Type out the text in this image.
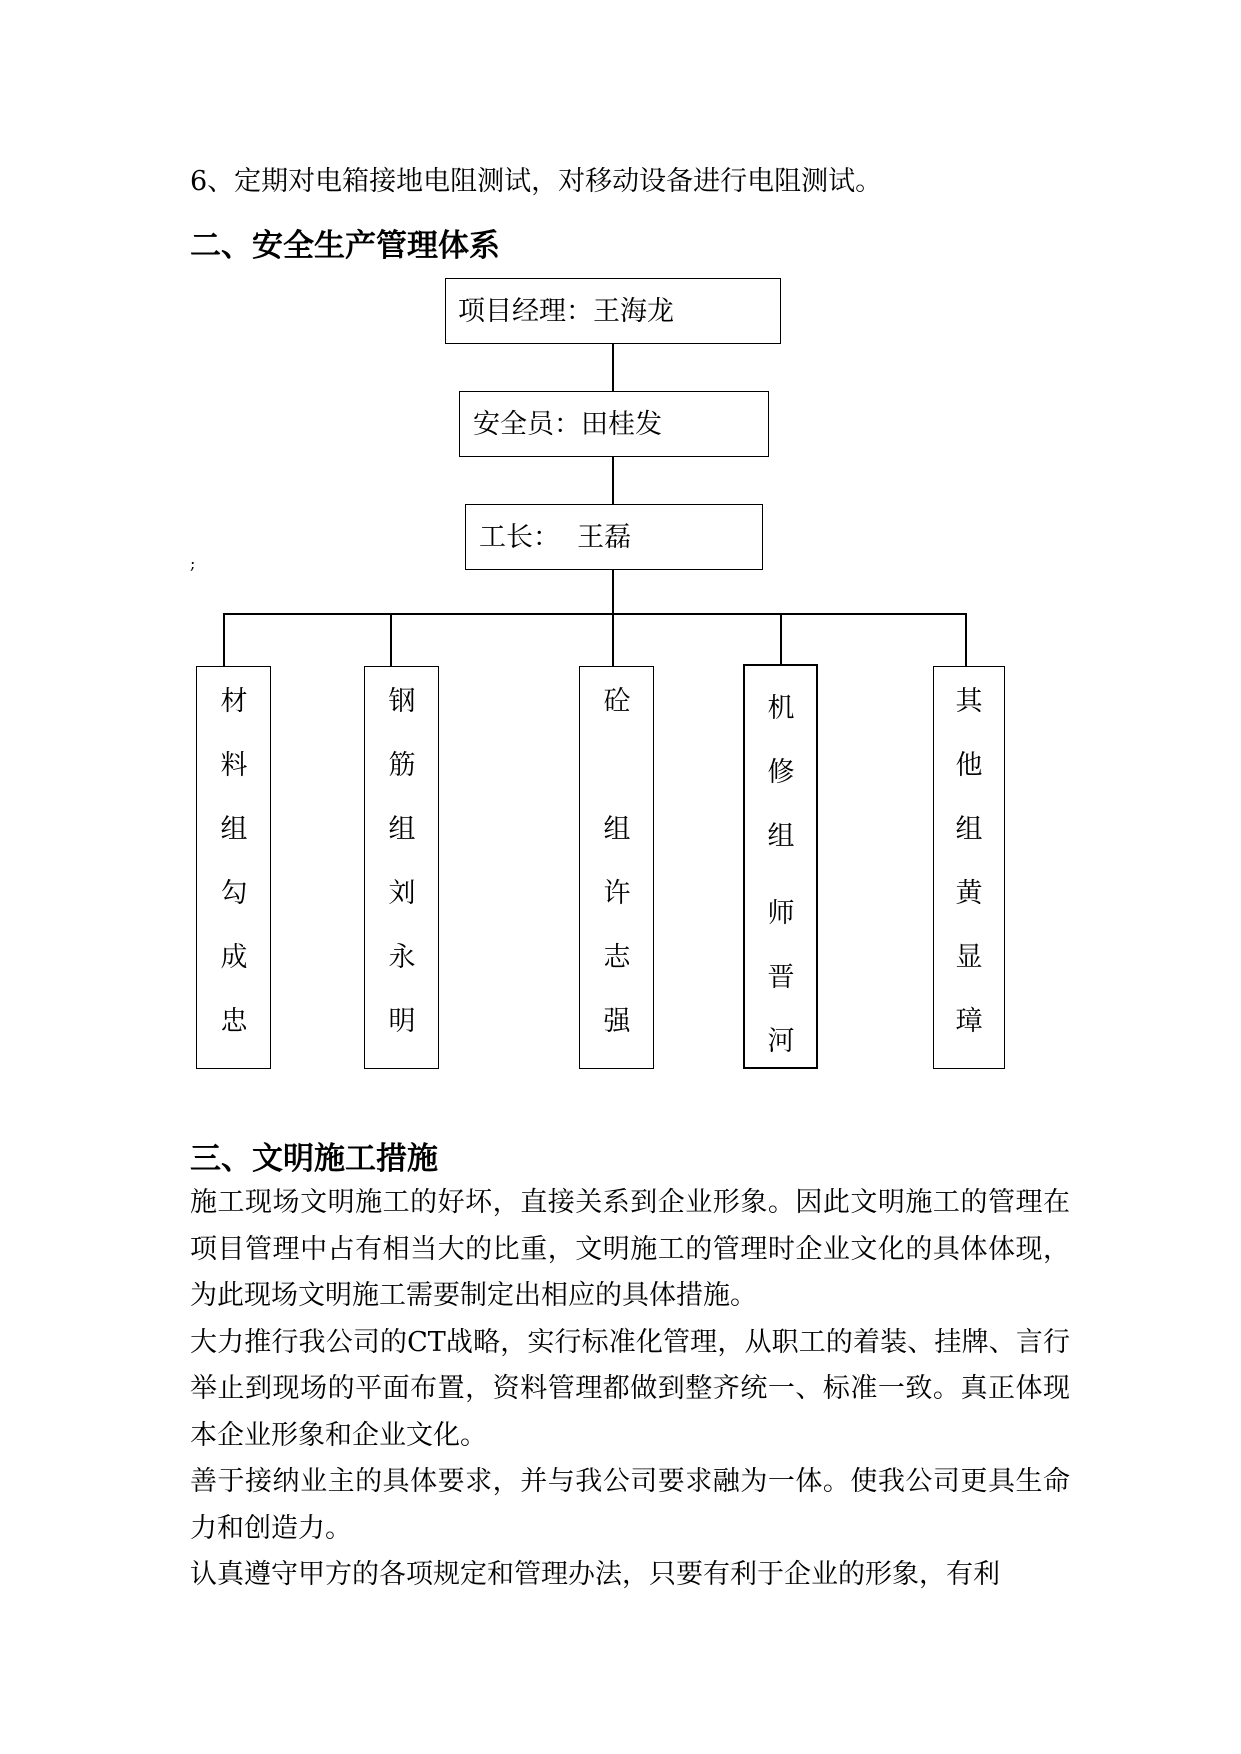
6、定期对电箱接地电阻测试，对移动设备进行电阻测试。
二、安全生产管理体系
项目经理：王海龙
安全员：田桂发
工长：  王磊
;
材
料
组
勾
成
忠
钢
筋
组
刘
永
明
砼
组
许
志
强
机
修
组
师
晋
河
其
他
组
黄
显
璋
三、文明施工措施

施工现场文明施工的好坏，直接关系到企业形象。因此文明施工的管理在项目管理中占有相当大的比重，文明施工的管理时企业文化的具体体现，为此现场文明施工需要制定出相应的具体措施。

大力推行我公司的CT战略，实行标准化管理，从职工的着装、挂牌、言行举止到现场的平面布置，资料管理都做到整齐统一、标准一致。真正体现本企业形象和企业文化。

善于接纳业主的具体要求，并与我公司要求融为一体。使我公司更具生命力和创造力。

认真遵守甲方的各项规定和管理办法，只要有利于企业的形象，有利
